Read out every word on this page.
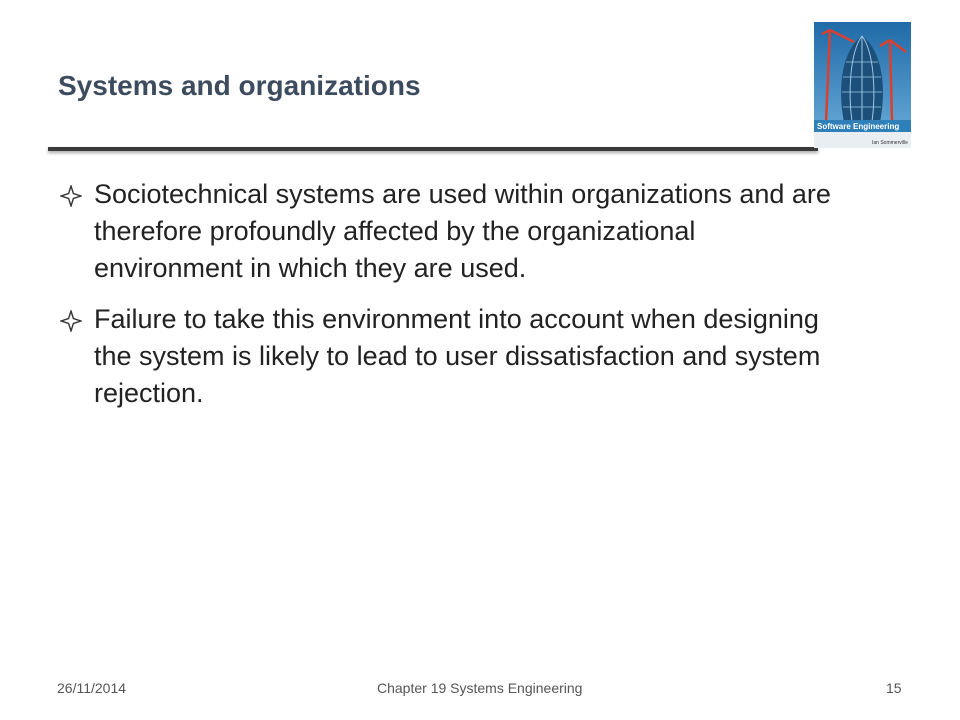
Systems and organizations
Software Engineering
Ian Sommerville
Sociotechnical systems are used within organizations and are therefore profoundly affected by the organizational environment in which they are used.
Failure to take this environment into account when designing the system is likely to lead to user dissatisfaction and system rejection.
26/11/2014	Chapter 19 Systems Engineering	15
